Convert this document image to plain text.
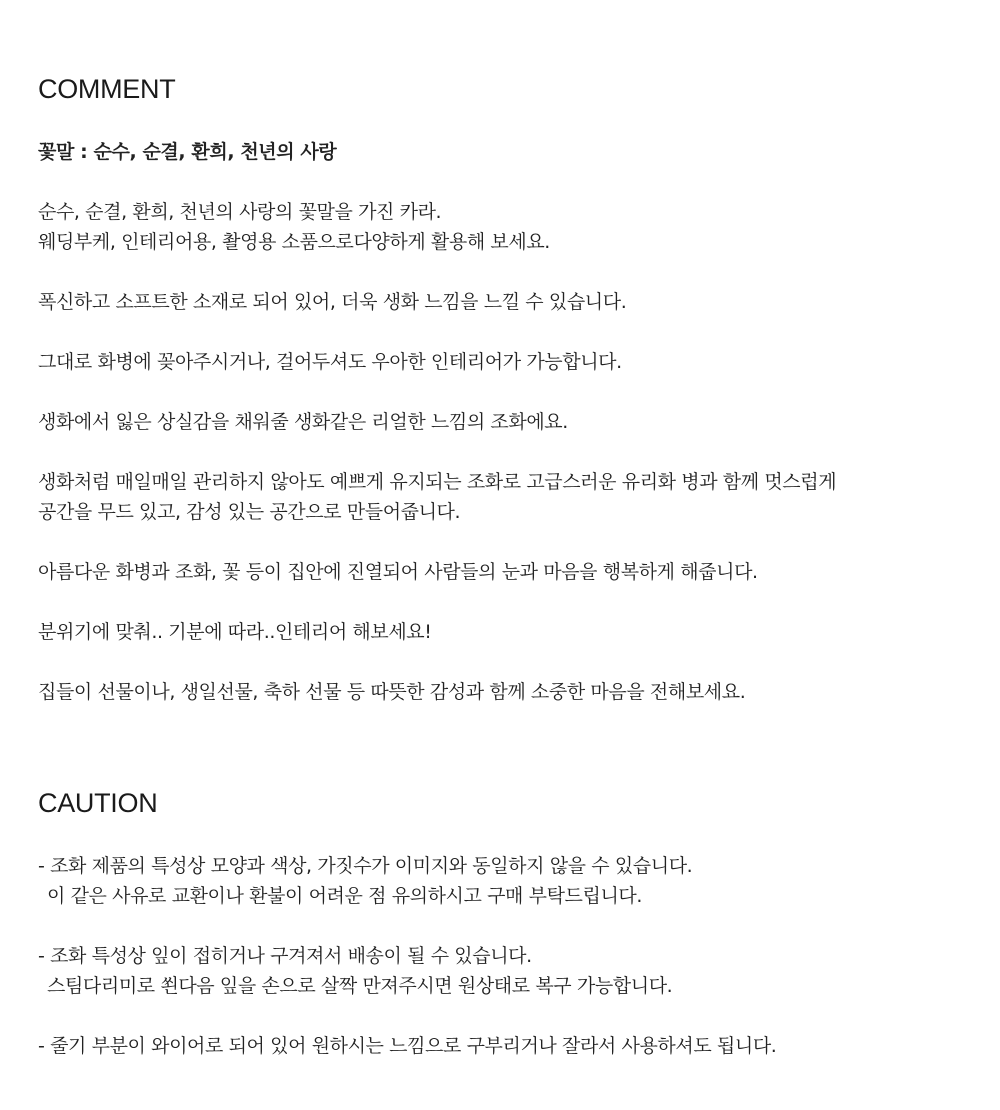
COMMENT
꽃말 : 순수, 순결, 환희, 천년의 사랑
순수, 순결, 환희, 천년의 사랑의 꽃말을 가진 카라.
웨딩부케, 인테리어용, 촬영용 소품으로다양하게 활용해 보세요.
폭신하고 소프트한 소재로 되어 있어, 더욱 생화 느낌을 느낄 수 있습니다.
그대로 화병에 꽂아주시거나, 걸어두셔도 우아한 인테리어가 가능합니다.
생화에서 잃은 상실감을 채워줄 생화같은 리얼한 느낌의 조화에요.
생화처럼 매일매일 관리하지 않아도 예쁘게 유지되는 조화로 고급스러운 유리화 병과 함께 멋스럽게
공간을 무드 있고, 감성 있는 공간으로 만들어줍니다.
아름다운 화병과 조화, 꽃 등이 집안에 진열되어 사람들의 눈과 마음을 행복하게 해줍니다.
분위기에 맞춰.. 기분에 따라..인테리어 해보세요!
집들이 선물이나, 생일선물, 축하 선물 등 따뜻한 감성과 함께 소중한 마음을 전해보세요.
CAUTION
- 조화 제품의 특성상 모양과 색상, 가짓수가 이미지와 동일하지 않을 수 있습니다.
이 같은 사유로 교환이나 환불이 어려운 점 유의하시고 구매 부탁드립니다.
- 조화 특성상 잎이 접히거나 구겨져서 배송이 될 수 있습니다.
스팀다리미로 쐰다음 잎을 손으로 살짝 만져주시면 원상태로 복구 가능합니다.
- 줄기 부분이 와이어로 되어 있어 원하시는 느낌으로 구부리거나 잘라서 사용하셔도 됩니다.
